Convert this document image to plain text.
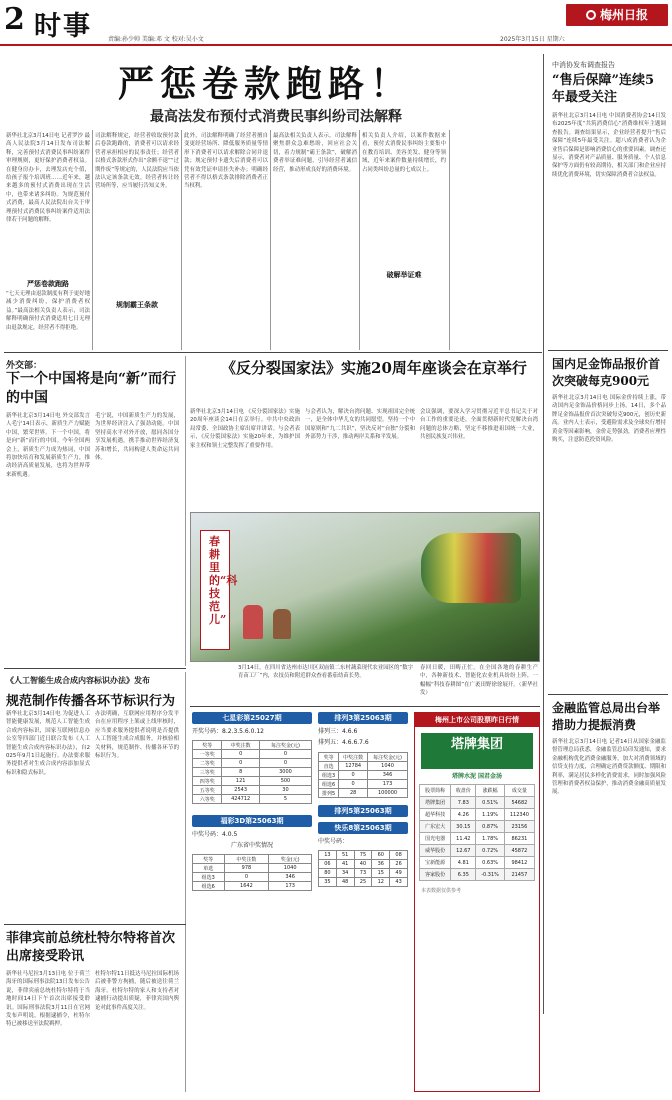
2 时事	责编:孙少帅 美编:邓 文 校对:吴小文	2025年3月15日 星期六
梅州日报
严惩卷款跑路！
最高法发布预付式消费民事纠纷司法解释
新华社北京3月14日电 记者罗沙 最高人民法院3月14日发布司法解释，完善预付式消费民事纠纷案件审理规则，更好保护消费者权益。在健身房办卡，去理发店充个值，给孩子报个培训班……近年来，越来越多的预付式消费出现在生活中，也带来诸多纠纷。为规范预付式消费，最高人民法院出台关于审理预付式消费民事纠纷案件适用法律若干问题的解释。
严惩卷款跑路
“七天无理由退款制度有利于更好地减少消费纠纷，保护消费者权益。”最高法相关负责人表示，司法解释明确预付式消费适用七日无理由退款规定，经营者不得拒绝。
司法解释规定，经营者收取预付款后卷款跑路的，消费者可以请求经营者承担相应的民事责任；经营者以格式条款形式作出“余额不退”“过期作废”等规定的，人民法院应当依法认定该条款无效。经营者转让经营场所等，应当履行告知义务。
规制霸王条款
此外，司法解释明确了经营者擅自变更经营场所、降低服务质量等情形下消费者可以请求解除合同并退款；规定预付卡遗失后消费者可以凭有效凭证申请挂失补办；明确经营者不得以格式条款排除消费者正当权利。
最高法相关负责人表示，司法解释聚焦群众急难愁盼，回应社会关切，着力规制“霸王条款”，破解消费者举证难问题，引导经营者诚信经营，推动形成良好的消费环境。
相关负责人介绍，以案件数据来看，预付式消费民事纠纷主要集中在教育培训、美容美发、健身等领域，近年来案件数量持续增长，约占同类纠纷总量的七成以上。
破解举证难
中消协发布调查报告
“售后保障”连续5年最受关注
新华社北京3月14日电 中国消费者协会14日发布2025年度“共筑消费信心”消费维权年主题调查报告。调查结果显示，企业经营者提升“售后保障”连续5年最受关注。超八成消费者认为企业售后保障是影响消费信心的重要因素。调查还显示，消费者对产品质量、服务质量、个人信息保护等方面仍有较高期待，相关部门和企业应持续优化消费环境，切实保障消费者合法权益。
国内足金饰品报价首次突破每克900元
新华社北京3月14日电 国际金价持续上涨，带动国内足金饰品价格同步上扬。14日，多个品牌足金饰品报价首次突破每克900元，创历史新高。业内人士表示，受避险需求及全球央行增持黄金等因素影响，金价走势强劲，消费者应理性购买，注意防范投资风险。
金融监管总局出台举措助力提振消费
新华社北京3月14日电 记者14日从国家金融监督管理总局获悉，金融监管总局印发通知，要求金融机构优化消费金融服务，加大对消费领域的信贷支持力度，合理确定消费贷款额度、期限和利率，满足居民多样化消费需求，同时加强风险管理和消费者权益保护，推动消费金融高质量发展。
外交部：
下一个中国将是向“新”而行的中国
新华社北京3月14日电 外交部发言人毛宁14日表示，新质生产力赋能中国，繁荣世界。下一个中国，将是向“新”而行的中国。今年全国两会上，新质生产力成为热词，中国将加快培育和发展新质生产力，推动经济高质量发展，也将为世界带来新机遇。
毛宁说，中国新质生产力的发展，为世界经济注入了强劲动能。中国坚持高水平对外开放，愿同各国分享发展机遇，携手推动世界经济复苏和增长，共同构建人类命运共同体。
《反分裂国家法》实施20周年座谈会在京举行
新华社北京3月14日电 《反分裂国家法》实施20周年座谈会14日在京举行。中共中央政治局常委、全国政协主席出席并讲话。与会者表示，《反分裂国家法》实施20年来，为维护国家主权和领土完整发挥了重要作用。
与会者认为，解决台湾问题、实现祖国完全统一，是全体中华儿女的共同愿望。坚持一个中国原则和“九二共识”，坚决反对“台独”分裂和外部势力干涉，推动两岸关系和平发展。
会议强调，要深入学习贯彻习近平总书记关于对台工作的重要论述，全面贯彻新时代党解决台湾问题的总体方略，坚定不移推进祖国统一大业，共创民族复兴伟业。
春耕里的“科技范儿”
3月14日，在四川省达州市达川区双庙镇二东村蔬菜现代农业园区的“数字育苗工厂”内，农技员和附近群众查看番茄幼苗长势。
春回日暖，田畴正忙。在全国各地的春耕生产中，各种新技术、智能化农业机具纷纷上阵，一幅幅“科技春耕图”在广袤田野徐徐展开。（新华社发）
《人工智能生成合成内容标识办法》发布
规范制作传播各环节标识行为
新华社北京3月14日电 为促进人工智能健康发展，规范人工智能生成合成内容标识，国家互联网信息办公室等四部门近日联合发布《人工智能生成合成内容标识办法》，自2025年9月1日起施行。办法要求服务提供者对生成合成内容添加显式标识和隐式标识。
办法明确，互联网应用程序分发平台在应用程序上架或上线审核时，应当要求服务提供者说明是否提供人工智能生成合成服务，并核验相关材料，规范制作、传播各环节的标识行为。
菲律宾前总统杜特尔特将首次出席接受聆讯
新华社马尼拉3月13日电 位于荷兰海牙的国际刑事法院13日发布公告说，菲律宾前总统杜特尔特将于当地时间14日下午首次出席接受聆讯。国际刑事法院3月11日在官网发布声明说，根据逮捕令，杜特尔特已被移送至法院羁押。
杜特尔特11日抵达马尼拉国际机场后被菲警方拘捕，随后被送往荷兰海牙。杜特尔特的家人和支持者对逮捕行动提出质疑，菲律宾国内舆论对此事件高度关注。
七星彩第25027期
开奖号码：8.2.3.5.6.0.12
奖等	中奖注数	每注奖金(元)
一等奖	0	0
二等奖	0	0
三等奖	8	3000
四等奖	121	500
五等奖	2543	30
六等奖	424712	5
排列3第25063期
排列三：4.6.6
排列五：4.6.6.7.6
奖等	中奖注数	每注奖金(元)
直选	12784	1040
组选3	0	346
组选6	0	173
排列5	28	100000
排列5第25063期
福彩3D第25063期
中奖号码：4.0.5
广东省中奖情况
奖等	中奖注数	奖金(元)
单选	978	1040
组选3	0	346
组选6	1642	173
快乐8第25063期
中奖号码：
13	51	75	60	08
06	41	40	36	26
80	34	73	15	49
35	48	25	12	43
梅州上市公司股票昨日行情
塔牌集团
塔牌水泥 国君金汤
股票简称	收盘价	涨跌幅	成交量
塔牌集团	7.83	0.51%	54682
超华科技	4.26	1.19%	112340
广东宏大	30.15	0.87%	23156
国光电器	11.42	1.78%	86231
威华股份	12.67	0.72%	45872
宝新能源	4.81	0.63%	98412
客家股份	6.35	-0.31%	21457
本表数据仅供参考
